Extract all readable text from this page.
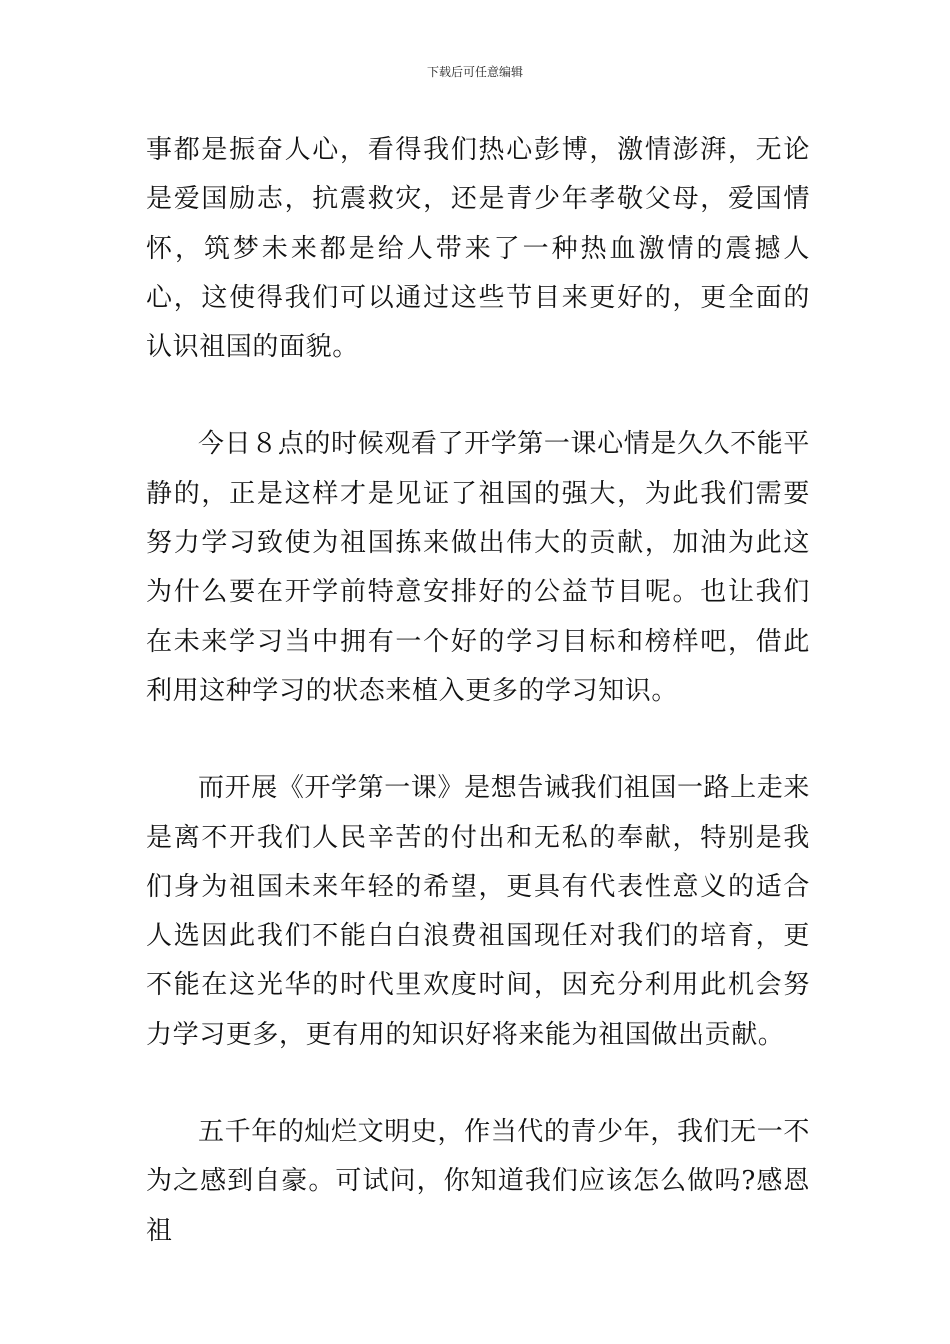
下载后可任意编辑

事都是振奋人心，看得我们热心彭博，激情澎湃，无论是爱国励志，抗震救灾，还是青少年孝敬父母，爱国情怀，筑梦未来都是给人带来了一种热血激情的震撼人心，这使得我们可以通过这些节目来更好的，更全面的认识祖国的面貌。

今日８点的时候观看了开学第一课心情是久久不能平静的，正是这样才是见证了祖国的强大，为此我们需要努力学习致使为祖国拣来做出伟大的贡献，加油为此这为什么要在开学前特意安排好的公益节目呢。也让我们在未来学习当中拥有一个好的学习目标和榜样吧，借此利用这种学习的状态来植入更多的学习知识。

而开展《开学第一课》是想告诫我们祖国一路上走来是离不开我们人民辛苦的付出和无私的奉献，特别是我们身为祖国未来年轻的希望，更具有代表性意义的适合人选因此我们不能白白浪费祖国现任对我们的培育，更不能在这光华的时代里欢度时间，因充分利用此机会努力学习更多，更有用的知识好将来能为祖国做出贡献。

五千年的灿烂文明史，作当代的青少年，我们无一不为之感到自豪。可试问，你知道我们应该怎么做吗?感恩祖
